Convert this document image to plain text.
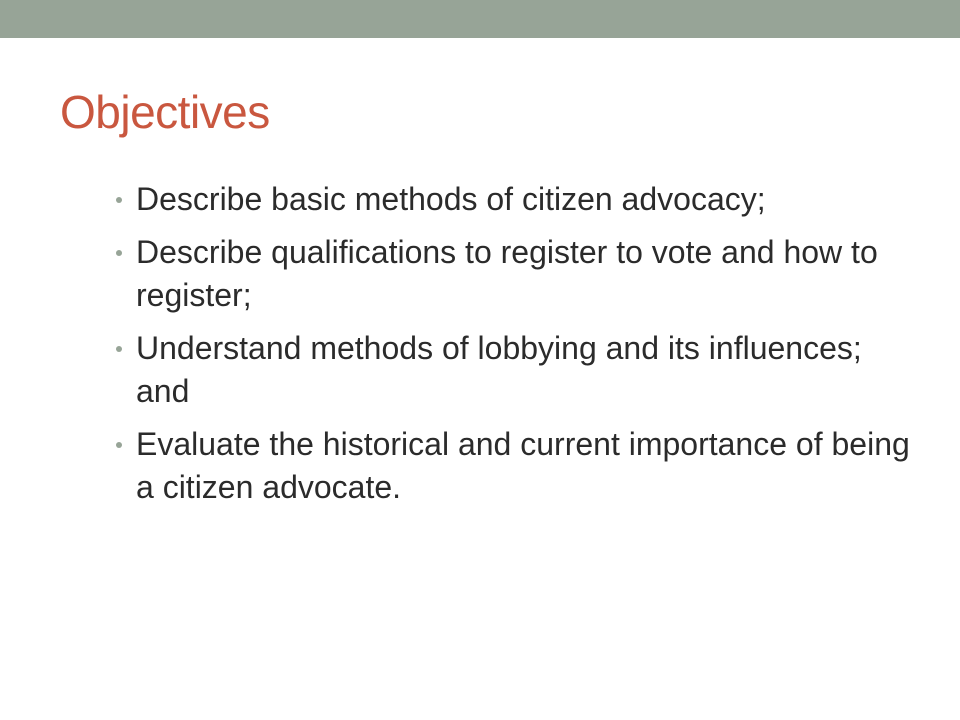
Objectives
Describe basic methods of citizen advocacy;
Describe qualifications to register to vote and how to register;
Understand methods of lobbying and its influences; and
Evaluate the historical and current importance of being a citizen advocate.
